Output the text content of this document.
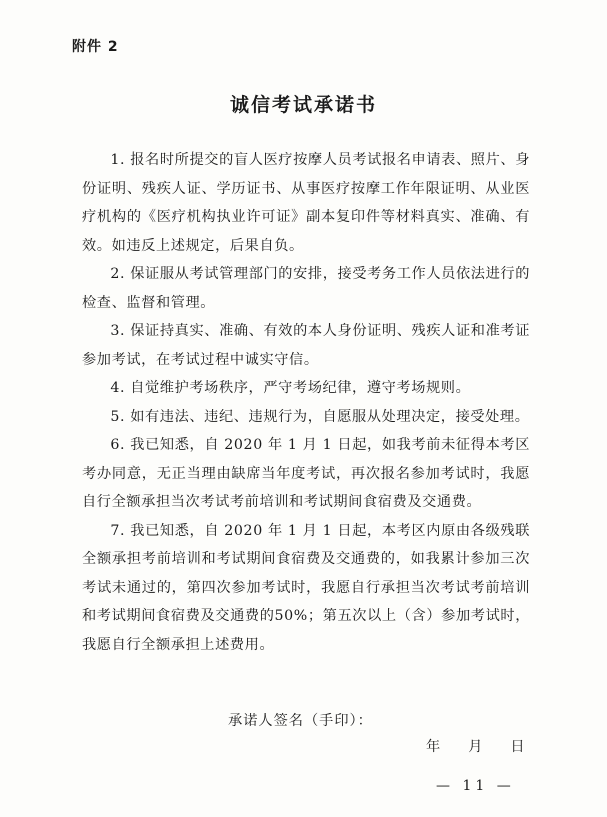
附件 2
诚信考试承诺书

1. 报名时所提交的盲人医疗按摩人员考试报名申请表、照片、身份证明、残疾人证、学历证书、从事医疗按摩工作年限证明、从业医疗机构的《医疗机构执业许可证》副本复印件等材料真实、准确、有效。如违反上述规定，后果自负。

2. 保证服从考试管理部门的安排，接受考务工作人员依法进行的检查、监督和管理。

3. 保证持真实、准确、有效的本人身份证明、残疾人证和准考证参加考试，在考试过程中诚实守信。

4. 自觉维护考场秩序，严守考场纪律，遵守考场规则。

5. 如有违法、违纪、违规行为，自愿服从处理决定，接受处理。

6. 我已知悉，自 2020 年 1 月 1 日起，如我考前未征得本考区考办同意，无正当理由缺席当年度考试，再次报名参加考试时，我愿自行全额承担当次考试考前培训和考试期间食宿费及交通费。

7. 我已知悉，自 2020 年 1 月 1 日起，本考区内原由各级残联全额承担考前培训和考试期间食宿费及交通费的，如我累计参加三次考试未通过的，第四次参加考试时，我愿自行承担当次考试考前培训和考试期间食宿费及交通费的50%；第五次以上（含）参加考试时，我愿自行全额承担上述费用。

承诺人签名（手印）：
年 月 日
— 11 —
